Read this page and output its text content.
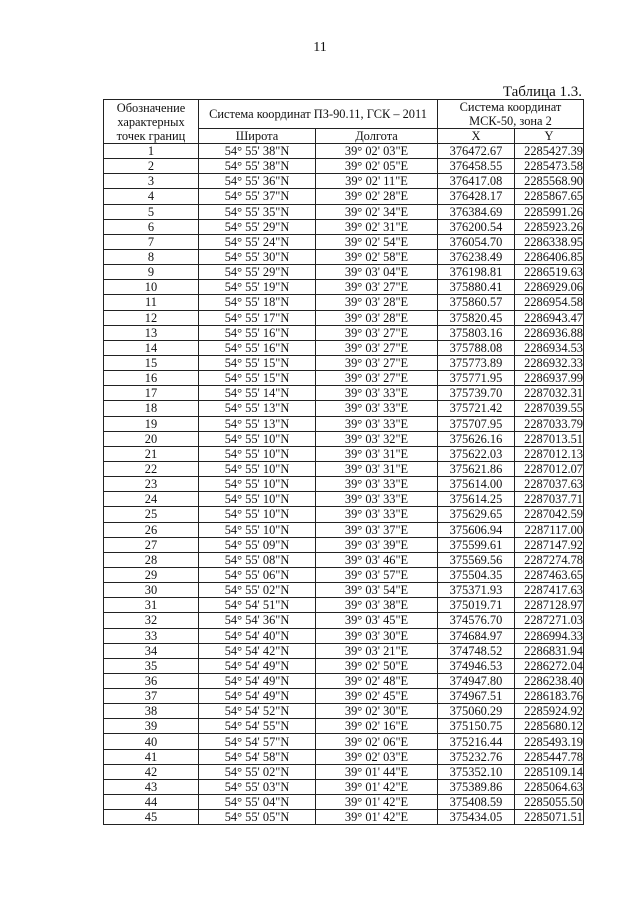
11
Таблица 1.3.
Обозначение характерных точек границ	Система координат ПЗ-90.11, ГСК – 2011		Система координат МСК-50, зона 2	
	Широта	Долгота	X	Y
1	54° 55' 38"N	39° 02' 03"E	376472.67	2285427.39
2	54° 55' 38"N	39° 02' 05"E	376458.55	2285473.58
3	54° 55' 36"N	39° 02' 11"E	376417.08	2285568.90
4	54° 55' 37"N	39° 02' 28"E	376428.17	2285867.65
5	54° 55' 35"N	39° 02' 34"E	376384.69	2285991.26
6	54° 55' 29"N	39° 02' 31"E	376200.54	2285923.26
7	54° 55' 24"N	39° 02' 54"E	376054.70	2286338.95
8	54° 55' 30"N	39° 02' 58"E	376238.49	2286406.85
9	54° 55' 29"N	39° 03' 04"E	376198.81	2286519.63
10	54° 55' 19"N	39° 03' 27"E	375880.41	2286929.06
11	54° 55' 18"N	39° 03' 28"E	375860.57	2286954.58
12	54° 55' 17"N	39° 03' 28"E	375820.45	2286943.47
13	54° 55' 16"N	39° 03' 27"E	375803.16	2286936.88
14	54° 55' 16"N	39° 03' 27"E	375788.08	2286934.53
15	54° 55' 15"N	39° 03' 27"E	375773.89	2286932.33
16	54° 55' 15"N	39° 03' 27"E	375771.95	2286937.99
17	54° 55' 14"N	39° 03' 33"E	375739.70	2287032.31
18	54° 55' 13"N	39° 03' 33"E	375721.42	2287039.55
19	54° 55' 13"N	39° 03' 33"E	375707.95	2287033.79
20	54° 55' 10"N	39° 03' 32"E	375626.16	2287013.51
21	54° 55' 10"N	39° 03' 31"E	375622.03	2287012.13
22	54° 55' 10"N	39° 03' 31"E	375621.86	2287012.07
23	54° 55' 10"N	39° 03' 33"E	375614.00	2287037.63
24	54° 55' 10"N	39° 03' 33"E	375614.25	2287037.71
25	54° 55' 10"N	39° 03' 33"E	375629.65	2287042.59
26	54° 55' 10"N	39° 03' 37"E	375606.94	2287117.00
27	54° 55' 09"N	39° 03' 39"E	375599.61	2287147.92
28	54° 55' 08"N	39° 03' 46"E	375569.56	2287274.78
29	54° 55' 06"N	39° 03' 57"E	375504.35	2287463.65
30	54° 55' 02"N	39° 03' 54"E	375371.93	2287417.63
31	54° 54' 51"N	39° 03' 38"E	375019.71	2287128.97
32	54° 54' 36"N	39° 03' 45"E	374576.70	2287271.03
33	54° 54' 40"N	39° 03' 30"E	374684.97	2286994.33
34	54° 54' 42"N	39° 03' 21"E	374748.52	2286831.94
35	54° 54' 49"N	39° 02' 50"E	374946.53	2286272.04
36	54° 54' 49"N	39° 02' 48"E	374947.80	2286238.40
37	54° 54' 49"N	39° 02' 45"E	374967.51	2286183.76
38	54° 54' 52"N	39° 02' 30"E	375060.29	2285924.92
39	54° 54' 55"N	39° 02' 16"E	375150.75	2285680.12
40	54° 54' 57"N	39° 02' 06"E	375216.44	2285493.19
41	54° 54' 58"N	39° 02' 03"E	375232.76	2285447.78
42	54° 55' 02"N	39° 01' 44"E	375352.10	2285109.14
43	54° 55' 03"N	39° 01' 42"E	375389.86	2285064.63
44	54° 55' 04"N	39° 01' 42"E	375408.59	2285055.50
45	54° 55' 05"N	39° 01' 42"E	375434.05	2285071.51
